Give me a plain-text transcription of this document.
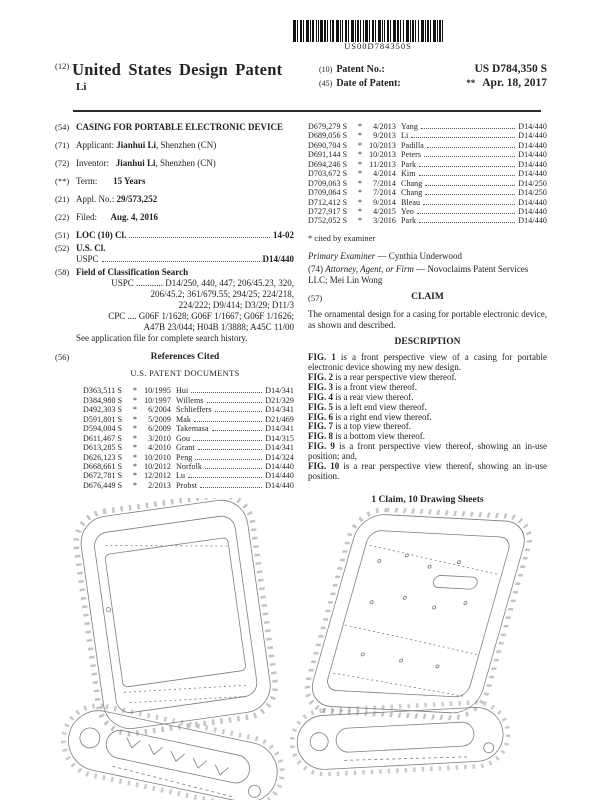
US00D784350S
$^{(12)}$ United States Design Patent
Li
(10) Patent No.:	US D784,350 S
(45) Date of Patent:	** Apr. 18, 2017
(54) CASING FOR PORTABLE ELECTRONIC DEVICE
(71) Applicant: Jianhui Li, Shenzhen (CN)
(72) Inventor: Jianhui Li, Shenzhen (CN)
(**) Term: 15 Years
(21) Appl. No.: 29/573,252
(22) Filed: Aug. 4, 2016
(51) LOC (10) Cl.	14-02
(52) U.S. Cl.
USPC	D14/440
(58) Field of Classification Search
USPC ............ D14/250, 440, 447; 206/45.23, 320,
206/45.2; 361/679.55; 294/25; 224/218,
224/222; D9/414; D3/29; D11/3
CPC .... G06F 1/1628; G06F 1/1667; G06F 1/1626;
A47B 23/044; H04B 1/3888; A45C 11/00
See application file for complete search history.
(56)	References Cited
U.S. PATENT DOCUMENTS
D363,511 S	* 10/1995 Hui	D14/341
D384,980 S	* 10/1997 Willems	D21/329
D492,303 S	*	6/2004 Schlieffers	D14/341
D591,801 S	*	5/2009 Mak	D21/469
D594,004 S	*	6/2009 Takemasa	D14/341
D611,467 S	*	3/2010 Gou	D14/315
D613,285 S	*	4/2010 Grant	D14/341
D626,123 S	* 10/2010 Peng	D14/324
D668,661 S	* 10/2012 Norfolk	D14/440
D672,781 S	* 12/2012 Lu	D14/440
D676,449 S	*	2/2013 Probst	D14/440
D679,279 S	*	4/2013 Yang	D14/440
D689,056 S	*	9/2013 Li	D14/440
D690,704 S	* 10/2013 Padilla	D14/440
D691,144 S	* 10/2013 Peters	D14/440
D694,246 S	* 11/2013 Park	D14/440
D703,672 S	*	4/2014 Kim	D14/440
D709,063 S	*	7/2014 Chang	D14/250
D709,064 S	*	7/2014 Chang	D14/250
D712,412 S	*	9/2014 Bleau	D14/440
D727,917 S	*	4/2015 Yeo	D14/440
D752,052 S	*	3/2016 Park	D14/440
* cited by examiner
Primary Examiner — Cynthia Underwood
(74) Attorney, Agent, or Firm — Novoclaims Patent Services LLC; Mei Lin Wong
(57)	CLAIM
The ornamental design for a casing for portable electronic device, as shown and described.
DESCRIPTION
FIG. 1 is a front perspective view of a casing for portable electronic device showing my new design.
FIG. 2 is a rear perspective view thereof.
FIG. 3 is a front view thereof.
FIG. 4 is a rear view thereof.
FIG. 5 is a left end view thereof.
FIG. 6 is a right end view thereof.
FIG. 7 is a top view thereof.
FIG. 8 is a bottom view thereof.
FIG. 9 is a front perspective view thereof, showing an in-use position; and,
FIG. 10 is a rear perspective view thereof, showing an in-use position.
1 Claim, 10 Drawing Sheets
